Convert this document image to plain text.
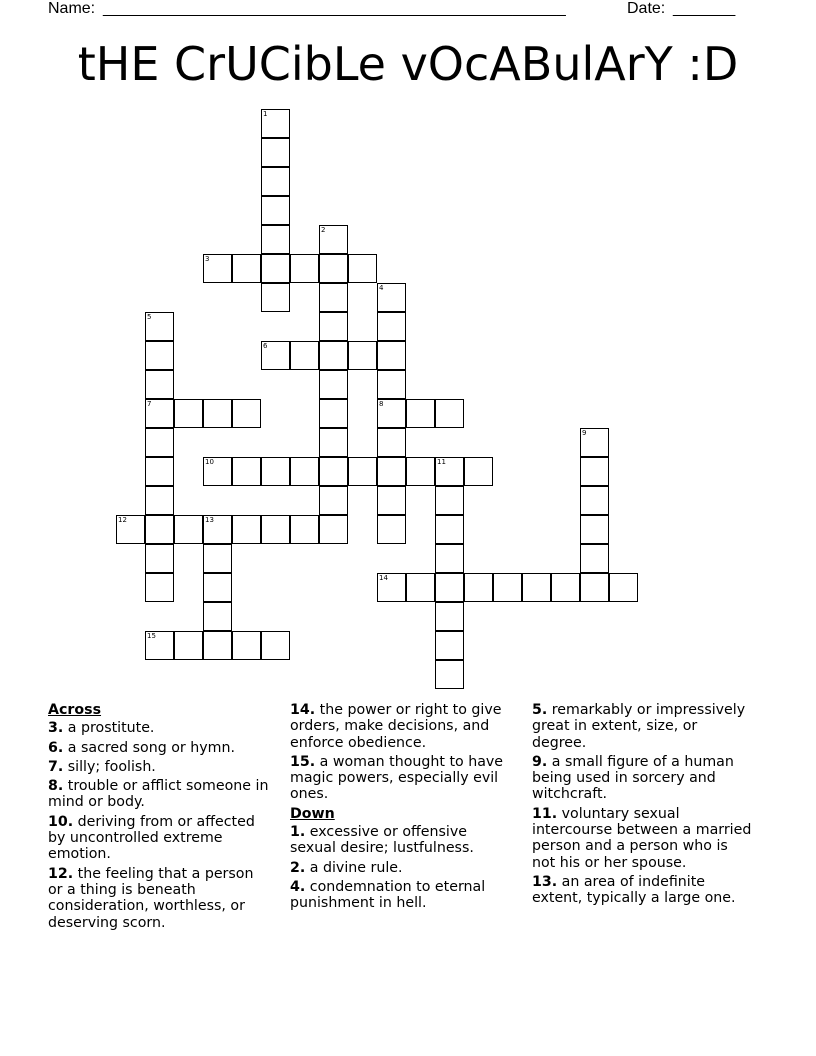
Name: ____________________________________________________	Date: _______
tHE CrUCibLe vOcABulArY :D
1
2
3
4
8
5
7
6
9
10	11
12	13
14
15
Across
3. a prostitute.
6. a sacred song or hymn.
7. silly; foolish.
8. trouble or afflict someone in mind or body.
10. deriving from or affected by uncontrolled extreme emotion.
12. the feeling that a person or a thing is beneath consideration, worthless, or deserving scorn.
14. the power or right to give orders, make decisions, and enforce obedience.
15. a woman thought to have magic powers, especially evil ones.
Down
1. excessive or offensive sexual desire; lustfulness.
2. a divine rule.
4. condemnation to eternal punishment in hell.
5. remarkably or impressively great in extent, size, or degree.
9. a small figure of a human being used in sorcery and witchcraft.
11. voluntary sexual intercourse between a married person and a person who is not his or her spouse.
13. an area of indefinite extent, typically a large one.
